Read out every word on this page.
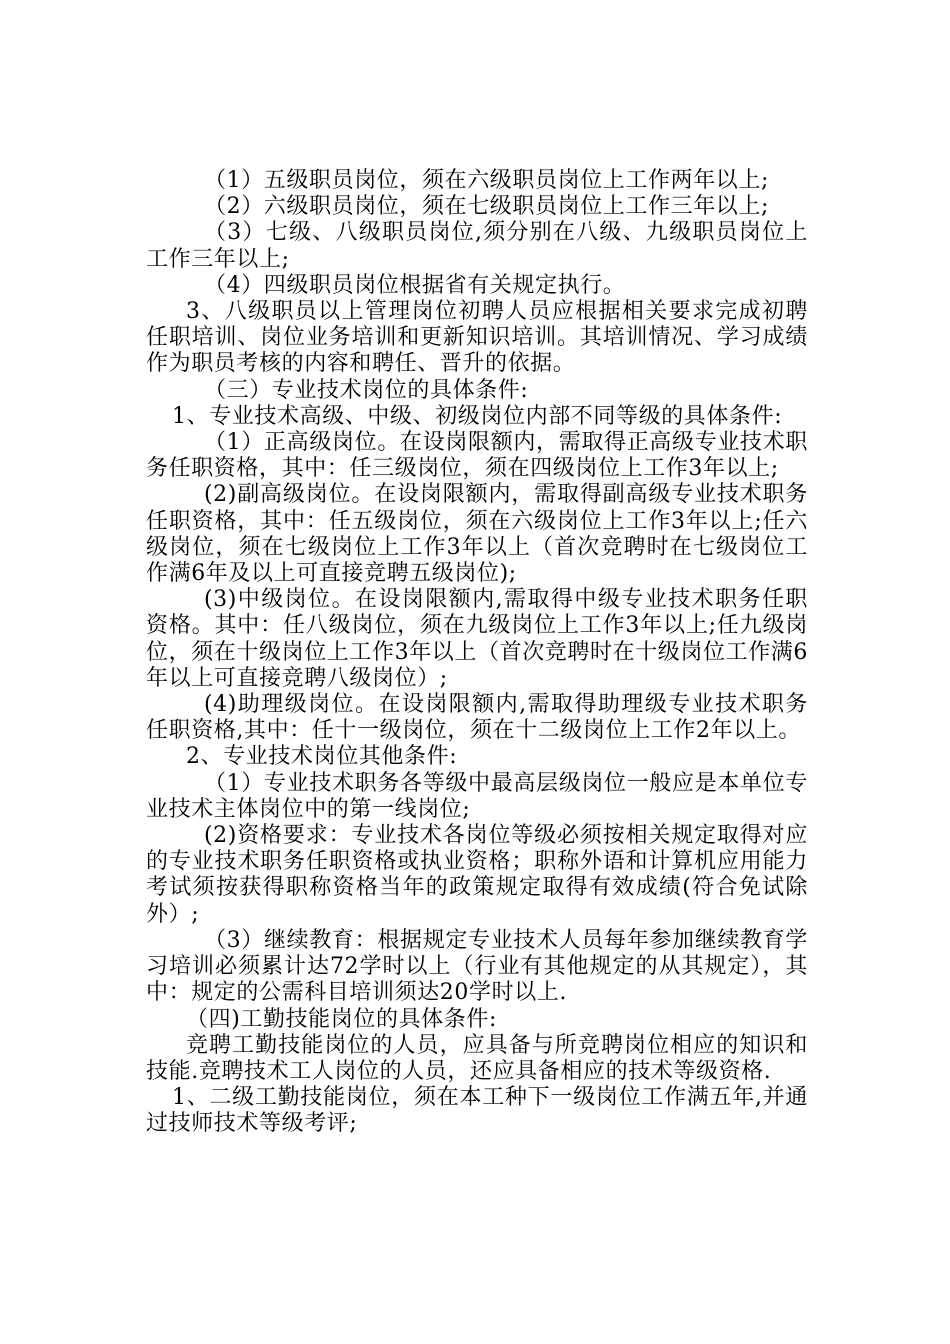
（1）五级职员岗位，须在六级职员岗位上工作两年以上;

（2）六级职员岗位，须在七级职员岗位上工作三年以上;

（3）七级、八级职员岗位,须分别在八级、九级职员岗位上工作三年以上;

（4）四级职员岗位根据省有关规定执行。

3、八级职员以上管理岗位初聘人员应根据相关要求完成初聘任职培训、岗位业务培训和更新知识培训。其培训情况、学习成绩作为职员考核的内容和聘任、晋升的依据。

（三）专业技术岗位的具体条件:

1、专业技术高级、中级、初级岗位内部不同等级的具体条件:

（1）正高级岗位。在设岗限额内，需取得正高级专业技术职务任职资格，其中：任三级岗位，须在四级岗位上工作3年以上;

(2)副高级岗位。在设岗限额内，需取得副高级专业技术职务任职资格，其中：任五级岗位，须在六级岗位上工作3年以上;任六级岗位，须在七级岗位上工作3年以上（首次竞聘时在七级岗位工作满6年及以上可直接竞聘五级岗位);

(3)中级岗位。在设岗限额内,需取得中级专业技术职务任职资格。其中：任八级岗位，须在九级岗位上工作3年以上;任九级岗位，须在十级岗位上工作3年以上（首次竞聘时在十级岗位工作满6年以上可直接竞聘八级岗位）;

(4)助理级岗位。在设岗限额内,需取得助理级专业技术职务任职资格,其中：任十一级岗位，须在十二级岗位上工作2年以上。

2、专业技术岗位其他条件:

（1）专业技术职务各等级中最高层级岗位一般应是本单位专业技术主体岗位中的第一线岗位;

(2)资格要求：专业技术各岗位等级必须按相关规定取得对应的专业技术职务任职资格或执业资格；职称外语和计算机应用能力考试须按获得职称资格当年的政策规定取得有效成绩(符合免试除外）;

（3）继续教育：根据规定专业技术人员每年参加继续教育学习培训必须累计达72学时以上（行业有其他规定的从其规定），其中：规定的公需科目培训须达20学时以上.

（四)工勤技能岗位的具体条件:

竞聘工勤技能岗位的人员，应具备与所竞聘岗位相应的知识和技能.竞聘技术工人岗位的人员，还应具备相应的技术等级资格.

1、二级工勤技能岗位，须在本工种下一级岗位工作满五年,并通过技师技术等级考评;
